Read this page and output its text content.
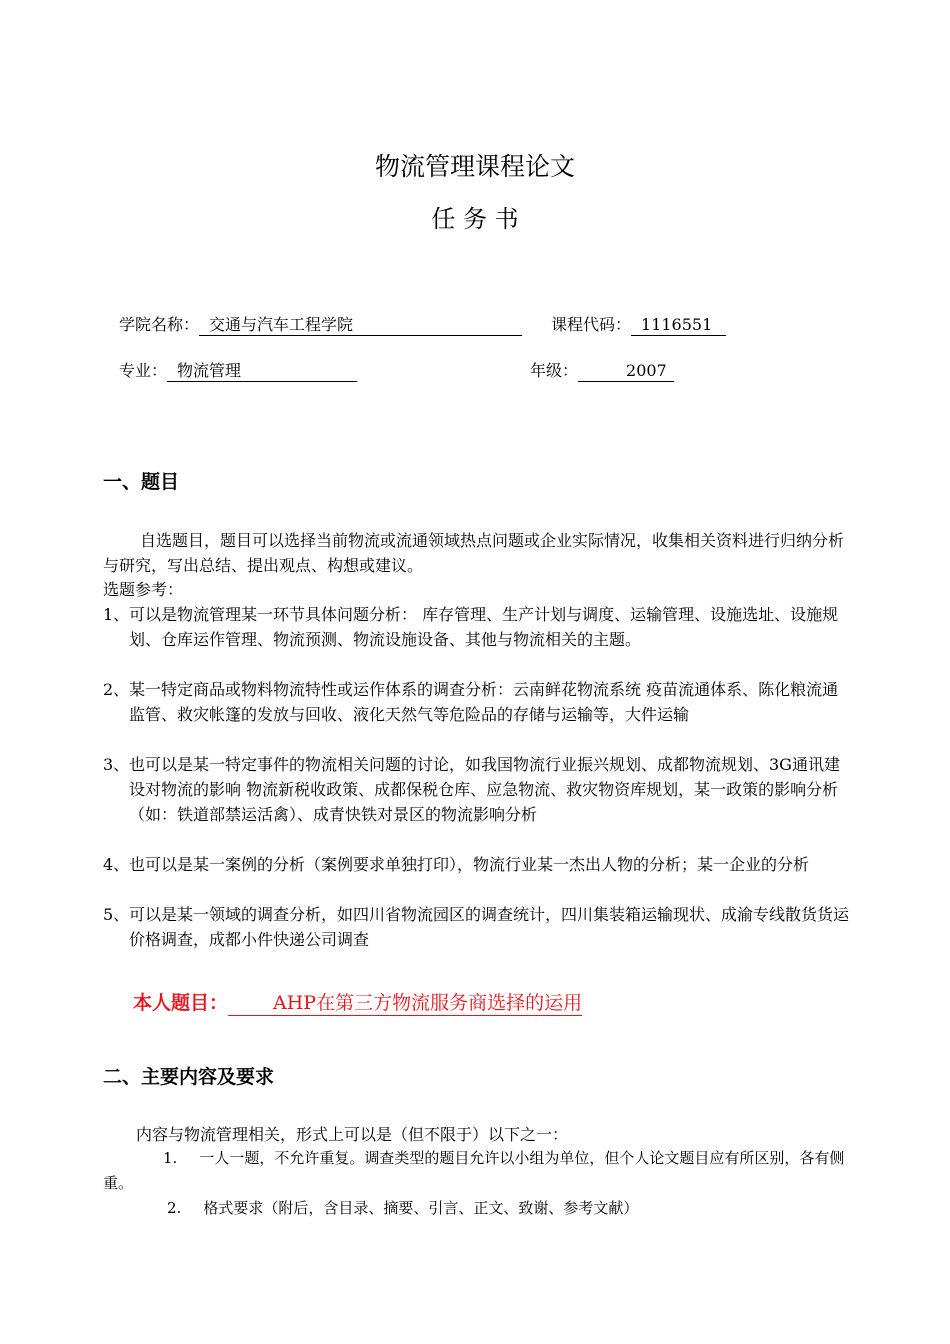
物流管理课程论文
任 务 书
学院名称： 交通与汽车工程学院	课程代码： 1116551
专业： 物流管理	年级：	2007
一、题目
自选题目，题目可以选择当前物流或流通领域热点问题或企业实际情况，收集相关资料进行归纳分析与研究，写出总结、提出观点、构想或建议。
选题参考：
1、 可以是物流管理某一环节具体问题分析： 库存管理、生产计划与调度、运输管理、设施选址、设施规划、仓库运作管理、物流预测、物流设施设备、其他与物流相关的主题。
2、 某一特定商品或物料物流特性或运作体系的调查分析：云南鲜花物流系统 疫苗流通体系、陈化粮流通监管、救灾帐篷的发放与回收、液化天然气等危险品的存储与运输等，大件运输
3、 也可以是某一特定事件的物流相关问题的讨论，如我国物流行业振兴规划、成都物流规划、3G通讯建设对物流的影响 物流新税收政策、成都保税仓库、应急物流、救灾物资库规划，某一政策的影响分析（如：铁道部禁运活禽）、成青快铁对景区的物流影响分析
4、 也可以是某一案例的分析（案例要求单独打印），物流行业某一杰出人物的分析；某一企业的分析
5、 可以是某一领域的调查分析，如四川省物流园区的调查统计，四川集装箱运输现状、成渝专线散货货运价格调查，成都小件快递公司调查
本人题目： AHP在第三方物流服务商选择的运用
二、主要内容及要求
内容与物流管理相关，形式上可以是（但不限于）以下之一：
1. 一人一题，不允许重复。调查类型的题目允许以小组为单位，但个人论文题目应有所区别，各有侧重。
2. 格式要求（附后，含目录、摘要、引言、正文、致谢、参考文献）
